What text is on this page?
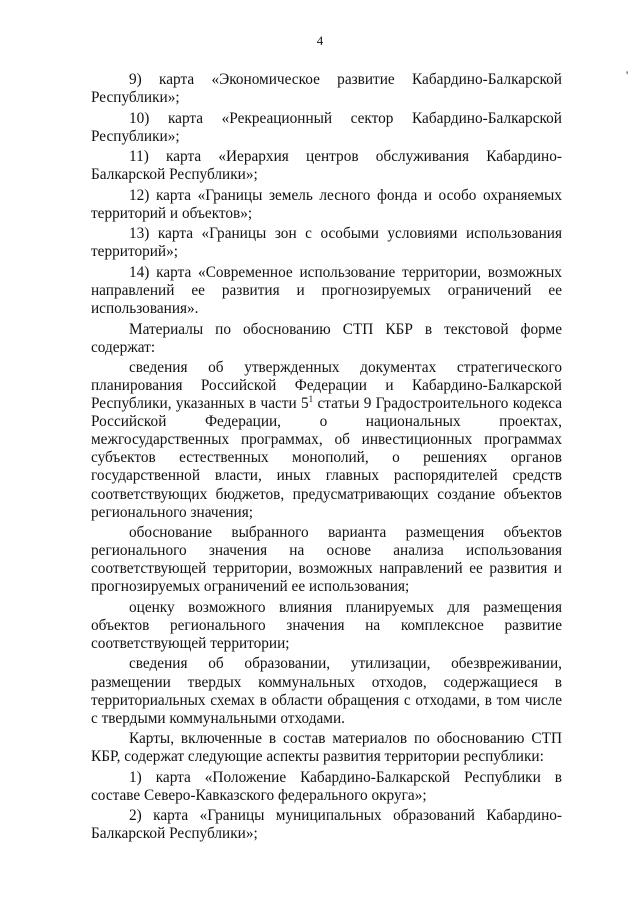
4
'

9) карта «Экономическое развитие Кабардино-Балкарской Республики»;

10) карта «Рекреационный сектор Кабардино-Балкарской Республики»;

11) карта «Иерархия центров обслуживания Кабардино-Балкарской Республики»;

12) карта «Границы земель лесного фонда и особо охраняемых территорий и объектов»;

13) карта «Границы зон с особыми условиями использования территорий»;

14) карта «Современное использование территории, возможных направлений ее развития и прогнозируемых ограничений ее использования».

Материалы по обоснованию СТП КБР в текстовой форме содержат:

сведения об утвержденных документах стратегического планирования Российской Федерации и Кабардино-Балкарской Республики, указанных в части $5^1$ статьи 9 Градостроительного кодекса Российской Федерации, о национальных проектах, межгосударственных программах, об инвестиционных программах субъектов естественных монополий, о решениях органов государственной власти, иных главных распорядителей средств соответствующих бюджетов, предусматривающих создание объектов регионального значения;

обоснование выбранного варианта размещения объектов регионального значения на основе анализа использования соответствующей территории, возможных направлений ее развития и прогнозируемых ограничений ее использования;

оценку возможного влияния планируемых для размещения объектов регионального значения на комплексное развитие соответствующей территории;

сведения об образовании, утилизации, обезвреживании, размещении твердых коммунальных отходов, содержащиеся в территориальных схемах в области обращения с отходами, в том числе с твердыми коммунальными отходами.

Карты, включенные в состав материалов по обоснованию СТП КБР, содержат следующие аспекты развития территории республики:

1) карта «Положение Кабардино-Балкарской Республики в составе Северо-Кавказского федерального округа»;

2) карта «Границы муниципальных образований Кабардино-Балкарской Республики»;
